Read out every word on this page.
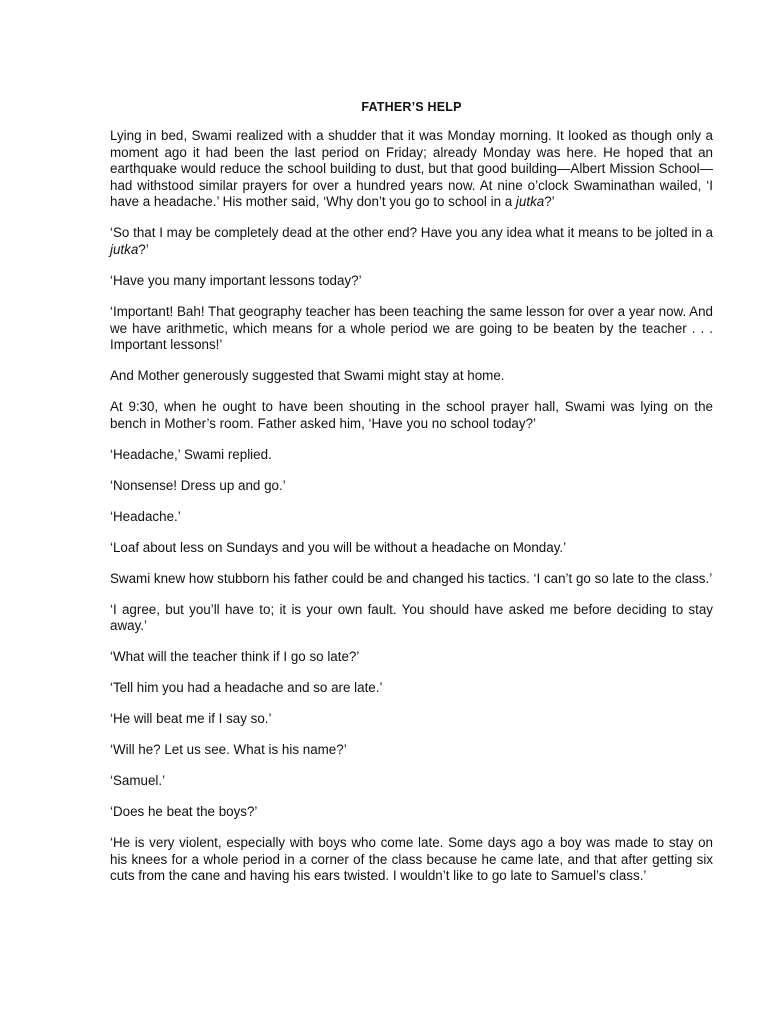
FATHER’S HELP

Lying in bed, Swami realized with a shudder that it was Monday morning. It looked as though only a moment ago it had been the last period on Friday; already Monday was here. He hoped that an earthquake would reduce the school building to dust, but that good building—Albert Mission School—had withstood similar prayers for over a hundred years now. At nine o’clock Swaminathan wailed, ‘I have a headache.’ His mother said, ‘Why don’t you go to school in a jutka?’

‘So that I may be completely dead at the other end? Have you any idea what it means to be jolted in a jutka?’

‘Have you many important lessons today?’

‘Important! Bah! That geography teacher has been teaching the same lesson for over a year now. And we have arithmetic, which means for a whole period we are going to be beaten by the teacher . . . Important lessons!’

And Mother generously suggested that Swami might stay at home.

At 9:30, when he ought to have been shouting in the school prayer hall, Swami was lying on the bench in Mother’s room. Father asked him, ‘Have you no school today?’

‘Headache,’ Swami replied.

‘Nonsense! Dress up and go.’

‘Headache.’

‘Loaf about less on Sundays and you will be without a headache on Monday.’

Swami knew how stubborn his father could be and changed his tactics. ‘I can’t go so late to the class.’

‘I agree, but you’ll have to; it is your own fault. You should have asked me before deciding to stay away.’

‘What will the teacher think if I go so late?’

‘Tell him you had a headache and so are late.’

‘He will beat me if I say so.’

‘Will he? Let us see. What is his name?’

‘Samuel.’

‘Does he beat the boys?’

‘He is very violent, especially with boys who come late. Some days ago a boy was made to stay on his knees for a whole period in a corner of the class because he came late, and that after getting six cuts from the cane and having his ears twisted. I wouldn’t like to go late to Samuel’s class.’
